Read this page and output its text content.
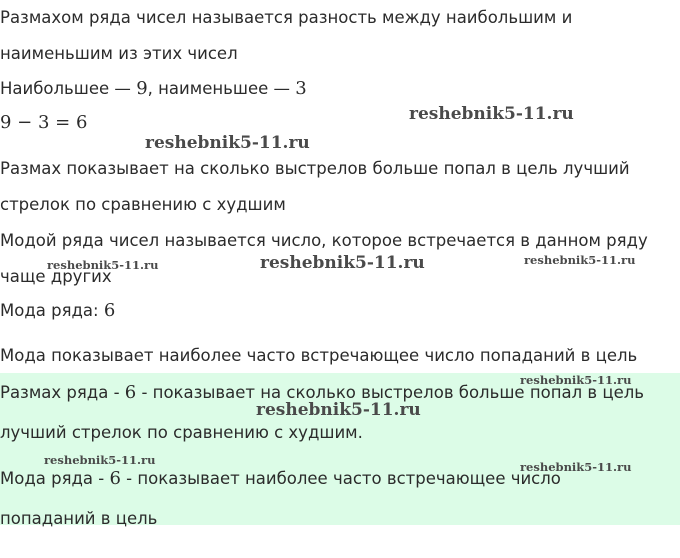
Размахом ряда чисел называется разность между наибольшим и
наименьшим из этих чисел
Наибольшее — 9, наименьшее — 3
9 − 3 = 6
Размах показывает на сколько выстрелов больше попал в цель лучший
стрелок по сравнению с худшим
Модой ряда чисел называется число, которое встречается в данном ряду
чаще других
Мода ряда: 6
Мода показывает наиболее часто встречающее число попаданий в цель
Размах ряда - 6 - показывает на сколько выстрелов больше попал в цель
лучший стрелок по сравнению с худшим.
Мода ряда - 6 - показывает наиболее часто встречающее число
попаданий в цель
reshebnik5-11.ru
reshebnik5-11.ru
reshebnik5-11.ru
reshebnik5-11.ru	reshebnik5-11.ru
reshebnik5-11.ru
reshebnik5-11.ru
reshebnik5-11.ru	reshebnik5-11.ru
